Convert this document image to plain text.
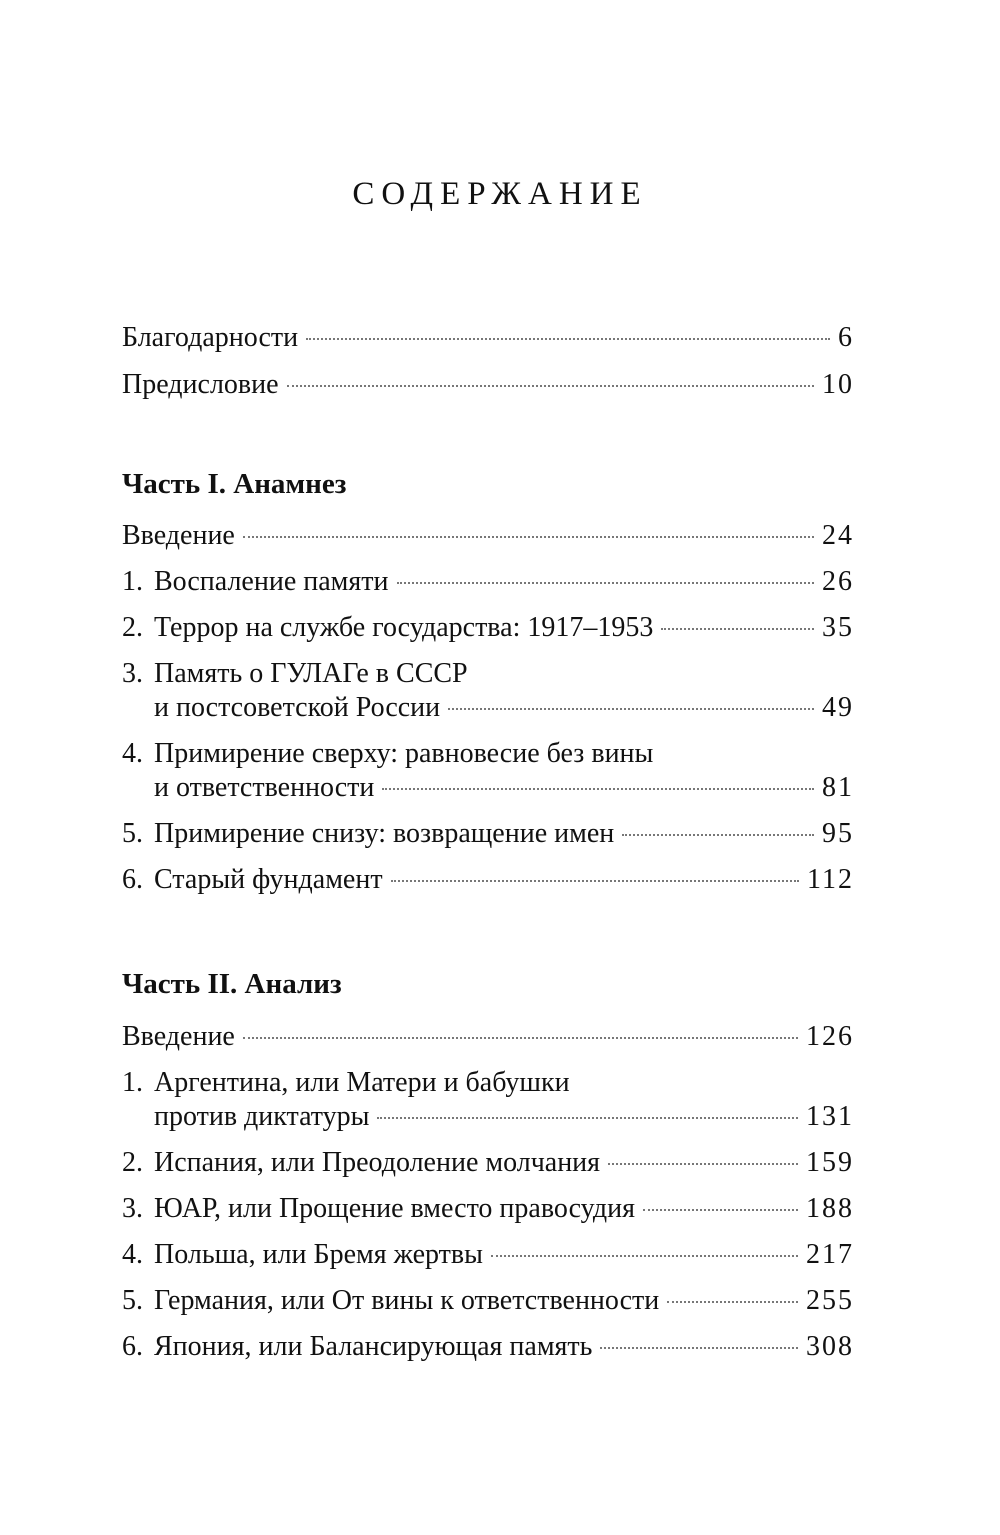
СОДЕРЖАНИЕ
Благодарности	6
Предисловие	10
Часть I. Анамнез
Введение	24
1. Воспаление памяти	26
2. Террор на службе государства: 1917–1953	35
3. Память о ГУЛАГе в СССР
и постсоветской России	49
4. Примирение сверху: равновесие без вины
и ответственности	81
5. Примирение снизу: возвращение имен	95
6. Старый фундамент	112
Часть II. Анализ
Введение	126
1. Аргентина, или Матери и бабушки
против диктатуры	131
2. Испания, или Преодоление молчания	159
3. ЮАР, или Прощение вместо правосудия	188
4. Польша, или Бремя жертвы	217
5. Германия, или От вины к ответственности	255
6. Япония, или Балансирующая память	308
